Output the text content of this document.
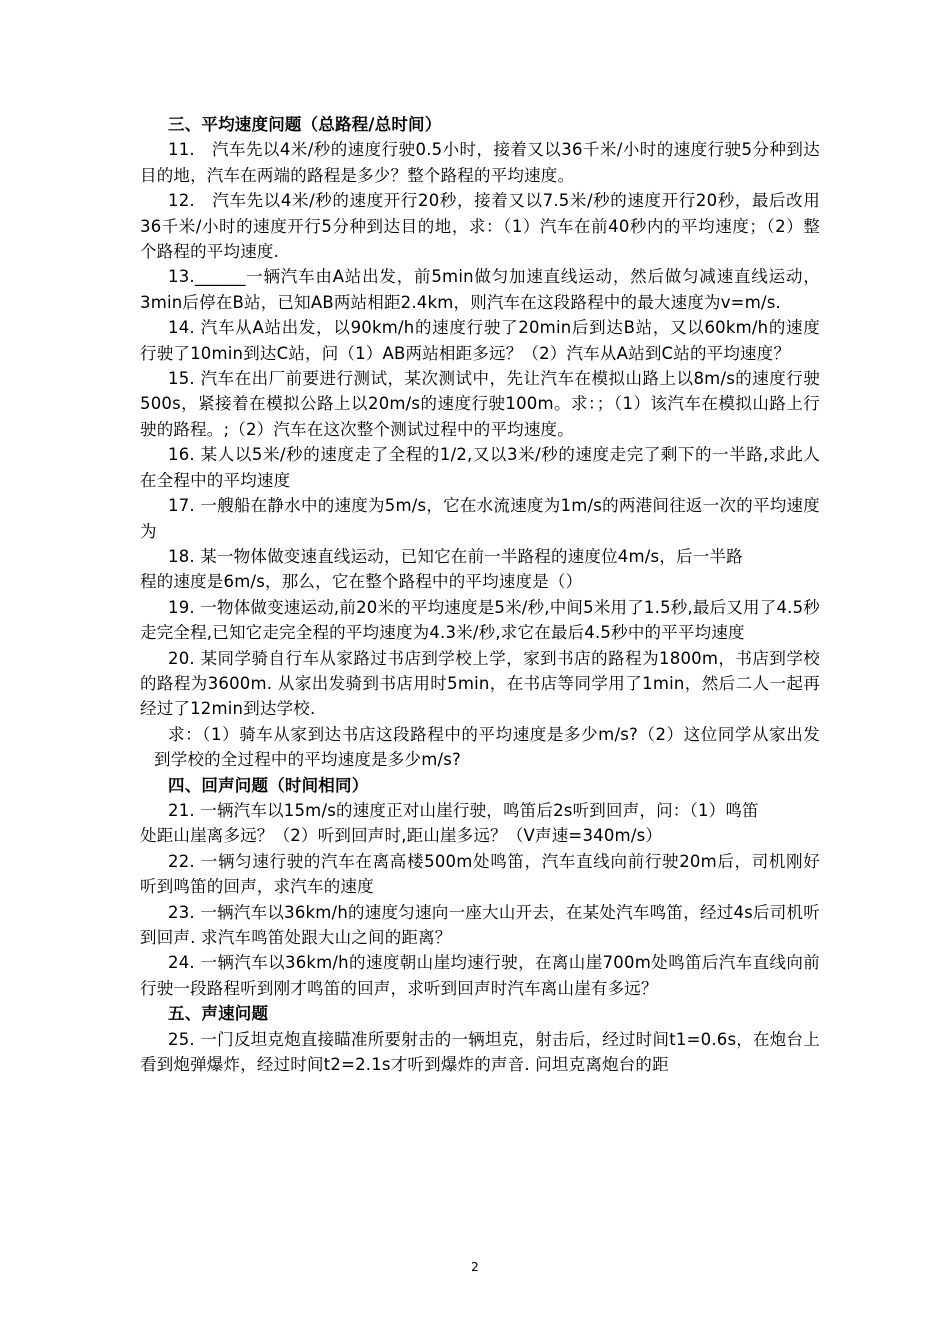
三、平均速度问题（总路程/总时间）

11.　汽车先以4米/秒的速度行驶0.5小时，接着又以36千米/小时的速度行驶5分种到达目的地，汽车在两端的路程是多少？整个路程的平均速度。

12.　汽车先以4米/秒的速度开行20秒，接着又以7.5米/秒的速度开行20秒，最后改用36千米/小时的速度开行5分种到达目的地，求：（1）汽车在前40秒内的平均速度；（2）整个路程的平均速度.

13.______一辆汽车由A站出发，前5min做匀加速直线运动，然后做匀减速直线运动，3min后停在B站，已知AB两站相距2.4km，则汽车在这段路程中的最大速度为v=m/s.

14. 汽车从A站出发，以90km/h的速度行驶了20min后到达B站，又以60km/h的速度行驶了10min到达C站，问（1）AB两站相距多远？（2）汽车从A站到C站的平均速度？

15. 汽车在出厂前要进行测试，某次测试中，先让汽车在模拟山路上以8m/s的速度行驶500s，紧接着在模拟公路上以20m/s的速度行驶100m。求：；（1）该汽车在模拟山路上行驶的路程。;（2）汽车在这次整个测试过程中的平均速度。

16. 某人以5米/秒的速度走了全程的1/2,又以3米/秒的速度走完了剩下的一半路,求此人在全程中的平均速度

17. 一艘船在静水中的速度为5m/s，它在水流速度为1m/s的两港间往返一次的平均速度为

18. 某一物体做变速直线运动，已知它在前一半路程的速度位4m/s，后一半路

程的速度是6m/s，那么，它在整个路程中的平均速度是（）

19. 一物体做变速运动,前20米的平均速度是5米/秒,中间5米用了1.5秒,最后又用了4.5秒走完全程,已知它走完全程的平均速度为4.3米/秒,求它在最后4.5秒中的平平均速度

20. 某同学骑自行车从家路过书店到学校上学，家到书店的路程为1800m，书店到学校的路程为3600m. 从家出发骑到书店用时5min，在书店等同学用了1min，然后二人一起再经过了12min到达学校.

求：（1）骑车从家到达书店这段路程中的平均速度是多少m/s?（2）这位同学从家出发到学校的全过程中的平均速度是多少m/s?

四、回声问题（时间相同）

21. 一辆汽车以15m/s的速度正对山崖行驶，鸣笛后2s听到回声，问：（1）鸣笛

处距山崖离多远？（2）听到回声时,距山崖多远？（V声速=340m/s）

22. 一辆匀速行驶的汽车在离高楼500m处鸣笛，汽车直线向前行驶20m后，司机刚好听到鸣笛的回声，求汽车的速度

23. 一辆汽车以36km/h的速度匀速向一座大山开去，在某处汽车鸣笛，经过4s后司机听到回声. 求汽车鸣笛处跟大山之间的距离？

24. 一辆汽车以36km/h的速度朝山崖均速行驶，在离山崖700m处鸣笛后汽车直线向前行驶一段路程听到刚才鸣笛的回声，求听到回声时汽车离山崖有多远？

五、声速问题

25. 一门反坦克炮直接瞄准所要射击的一辆坦克，射击后，经过时间t1=0.6s，在炮台上看到炮弹爆炸，经过时间t2=2.1s才听到爆炸的声音. 问坦克离炮台的距

2
